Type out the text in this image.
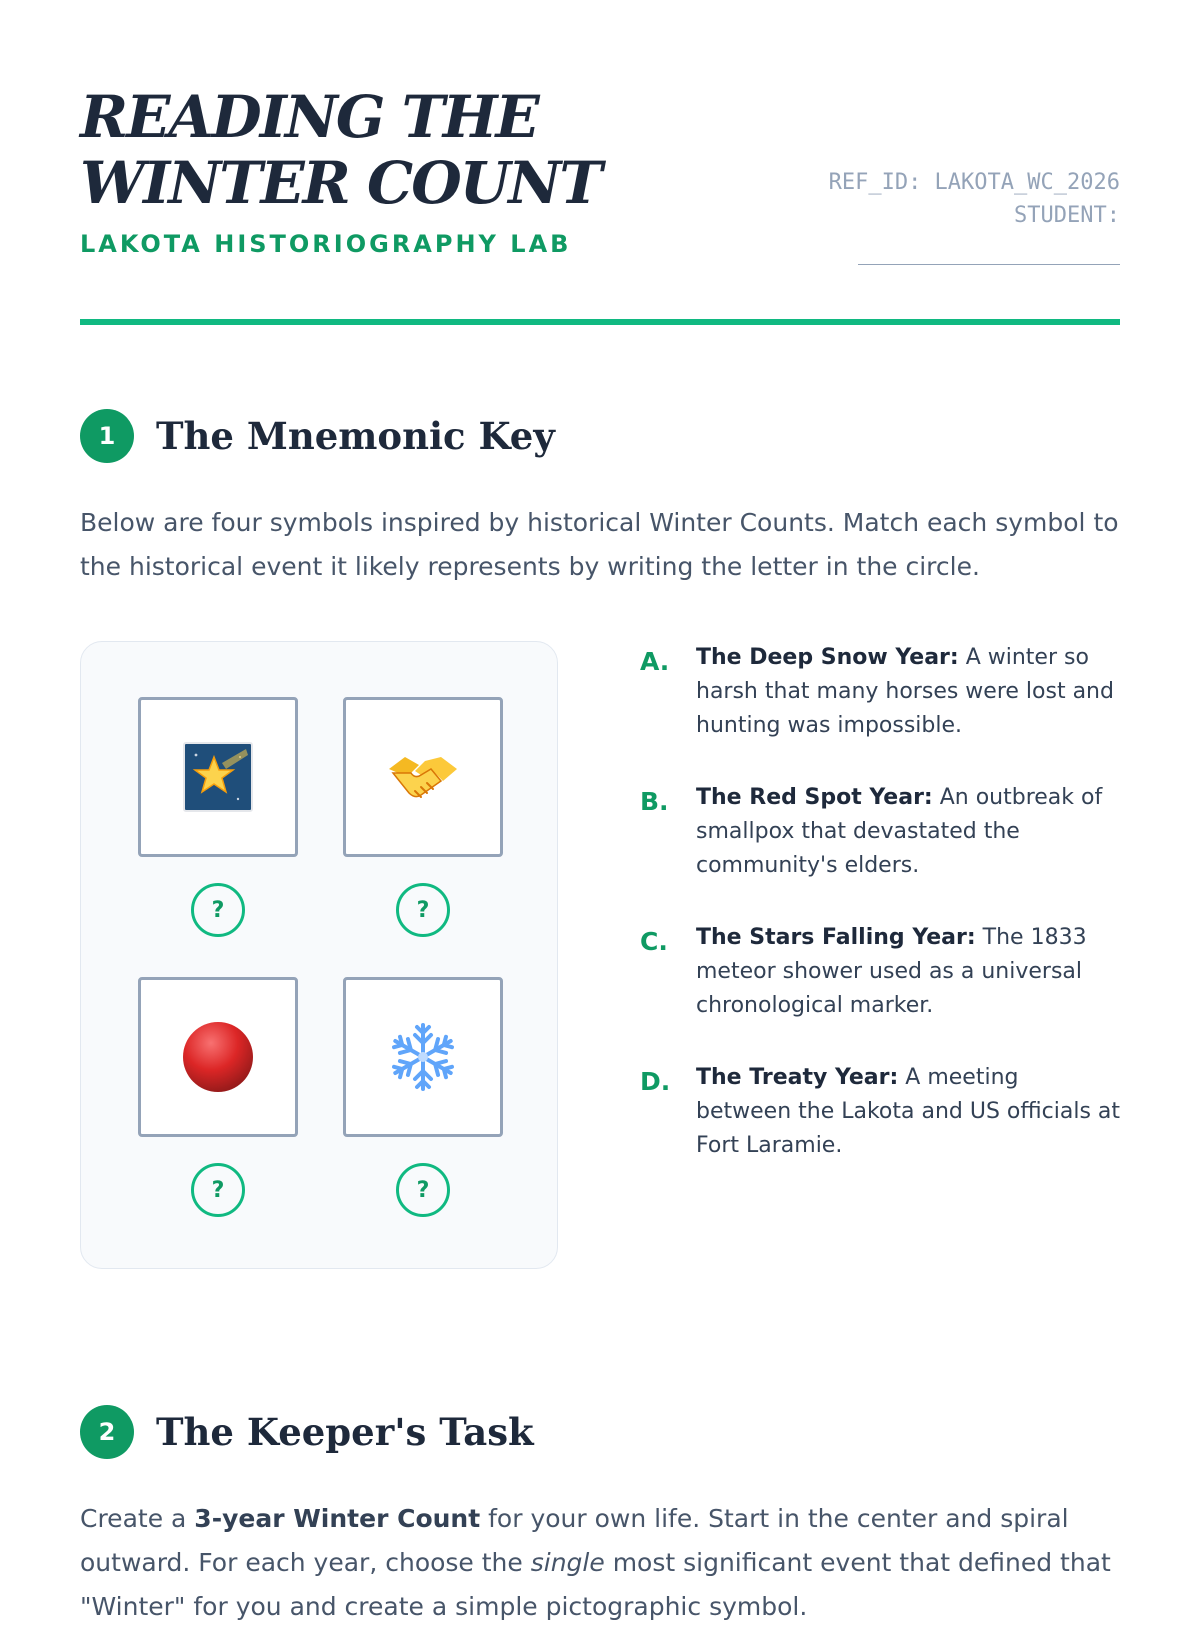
READING THE WINTER COUNT
LAKOTA HISTORIOGRAPHY LAB
REF_ID: LAKOTA_WC_2026
STUDENT:
1	The Mnemonic Key

Below are four symbols inspired by historical Winter Counts. Match each symbol to the historical event it likely represents by writing the letter in the circle.

?	?
?	?
A.	The Deep Snow Year: A winter so harsh that many horses were lost and hunting was impossible.
B.	The Red Spot Year: An outbreak of smallpox that devastated the community's elders.
C.	The Stars Falling Year: The 1833 meteor shower used as a universal chronological marker.
D.	The Treaty Year: A meeting between the Lakota and US officials at Fort Laramie.
2	The Keeper's Task

Create a 3-year Winter Count for your own life. Start in the center and spiral outward. For each year, choose the single most significant event that defined that "Winter" for you and create a simple pictographic symbol.
